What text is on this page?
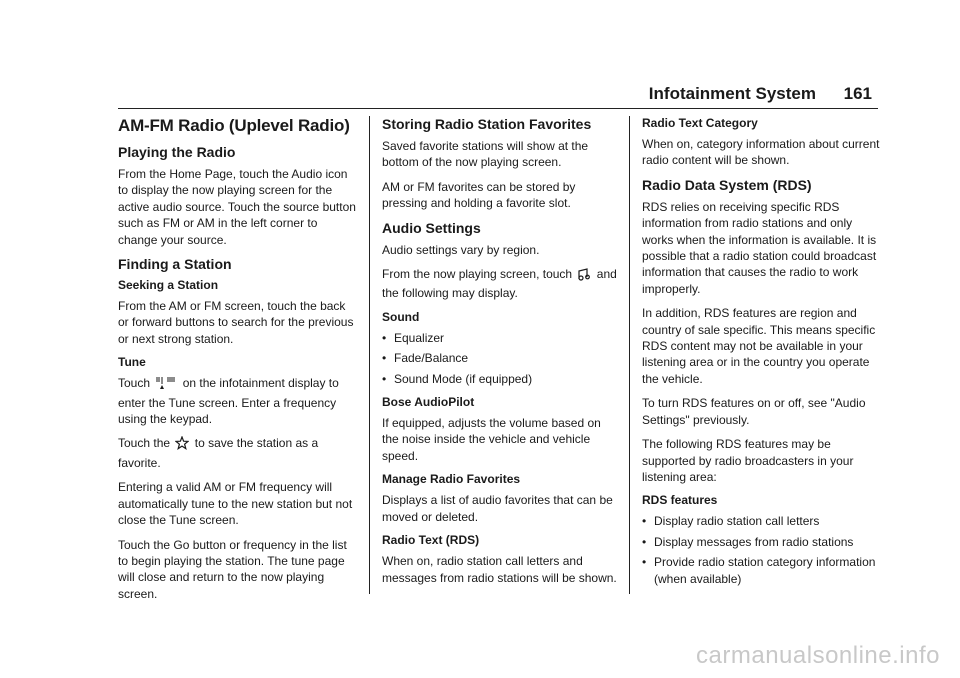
Infotainment System 161
AM-FM Radio (Uplevel Radio)
Playing the Radio

From the Home Page, touch the Audio icon to display the now playing screen for the active audio source. Touch the source button such as FM or AM in the left corner to change your source.

Finding a Station
Seeking a Station

From the AM or FM screen, touch the back or forward buttons to search for the previous or next strong station.

Tune

Touch	on the infotainment display to enter the Tune screen. Enter a frequency using the keypad.

Touch the to save the station as a favorite.

Entering a valid AM or FM frequency will automatically tune to the new station but not close the Tune screen.

Touch the Go button or frequency in the list to begin playing the station. The tune page will close and return to the now playing screen.

Storing Radio Station Favorites

Saved favorite stations will show at the bottom of the now playing screen.

AM or FM favorites can be stored by pressing and holding a favorite slot.

Audio Settings

Audio settings vary by region.

From the now playing screen, touch and the following may display.

Sound
• Equalizer
• Fade/Balance
• Sound Mode (if equipped)
Bose AudioPilot

If equipped, adjusts the volume based on the noise inside the vehicle and vehicle speed.

Manage Radio Favorites

Displays a list of audio favorites that can be moved or deleted.

Radio Text (RDS)

When on, radio station call letters and messages from radio stations will be shown.

Radio Text Category

When on, category information about current radio content will be shown.

Radio Data System (RDS)

RDS relies on receiving specific RDS information from radio stations and only works when the information is available. It is possible that a radio station could broadcast information that causes the radio to work improperly.

In addition, RDS features are region and country of sale specific. This means specific RDS content may not be available in your listening area or in the country you operate the vehicle.

To turn RDS features on or off, see "Audio Settings" previously.

The following RDS features may be supported by radio broadcasters in your listening area:

RDS features
• Display radio station call letters
• Display messages from radio stations
• Provide radio station category information (when available)
carmanualsonline.info
